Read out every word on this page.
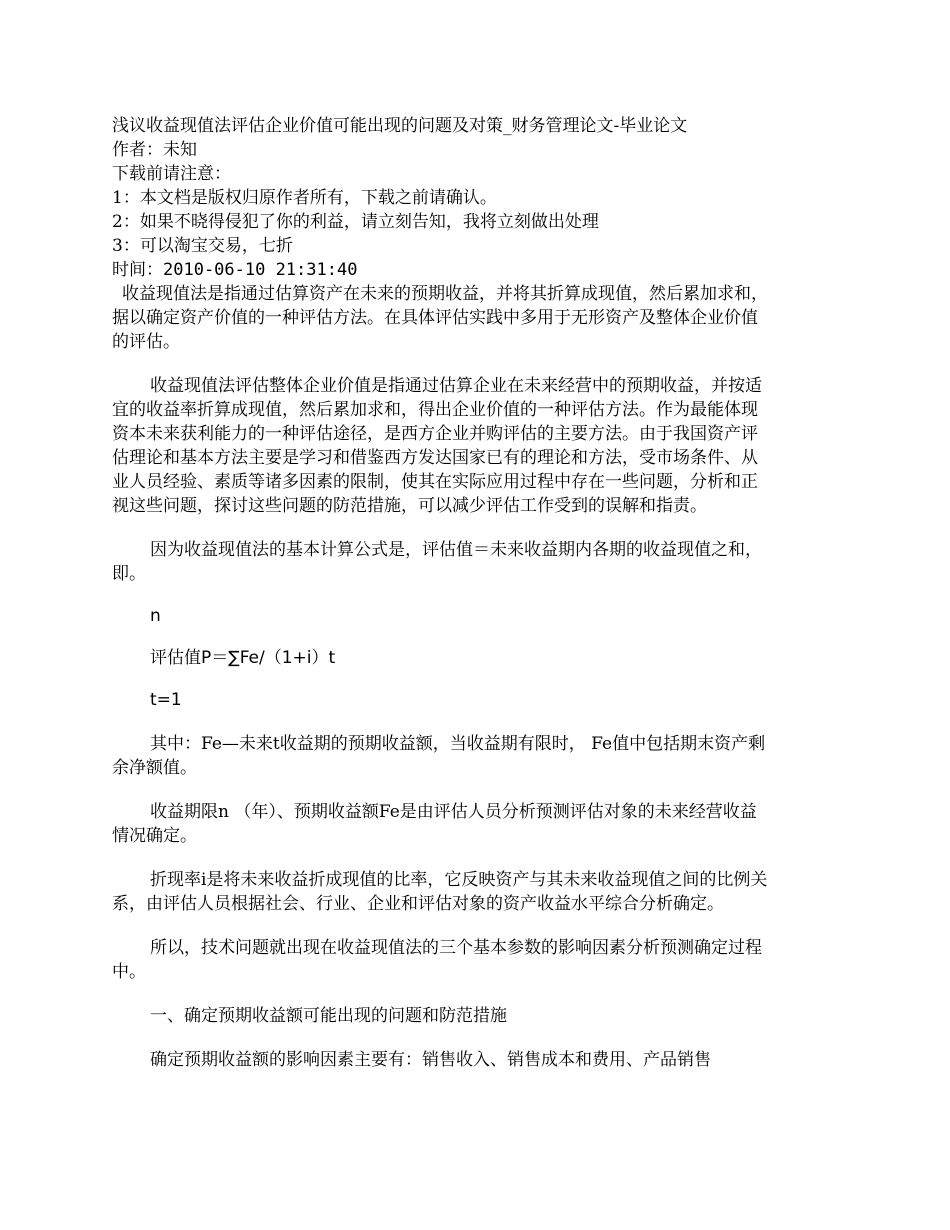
浅议收益现值法评估企业价值可能出现的问题及对策_财务管理论文-毕业论文

作者：未知

下载前请注意：

1：本文档是版权归原作者所有，下载之前请确认。

2：如果不晓得侵犯了你的利益，请立刻告知，我将立刻做出处理

3：可以淘宝交易，七折

时间：2010-06-10 21:31:40

收益现值法是指通过估算资产在未来的预期收益，并将其折算成现值，然后累加求和，据以确定资产价值的一种评估方法。在具体评估实践中多用于无形资产及整体企业价值的评估。

收益现值法评估整体企业价值是指通过估算企业在未来经营中的预期收益，并按适宜的收益率折算成现值，然后累加求和，得出企业价值的一种评估方法。作为最能体现资本未来获利能力的一种评估途径，是西方企业并购评估的主要方法。由于我国资产评估理论和基本方法主要是学习和借鉴西方发达国家已有的理论和方法，受市场条件、从业人员经验、素质等诸多因素的限制，使其在实际应用过程中存在一些问题，分析和正视这些问题，探讨这些问题的防范措施，可以减少评估工作受到的误解和指责。

因为收益现值法的基本计算公式是，评估值＝未来收益期内各期的收益现值之和，即。

n

评估值P＝∑Fe/（1+i）t

t=1

其中：Fe—未来t收益期的预期收益额，当收益期有限时， Fe值中包括期末资产剩余净额值。

收益期限n （年）、预期收益额Fe是由评估人员分析预测评估对象的未来经营收益情况确定。

折现率i是将未来收益折成现值的比率，它反映资产与其未来收益现值之间的比例关系，由评估人员根据社会、行业、企业和评估对象的资产收益水平综合分析确定。

所以，技术问题就出现在收益现值法的三个基本参数的影响因素分析预测确定过程中。

一、确定预期收益额可能出现的问题和防范措施

确定预期收益额的影响因素主要有：销售收入、销售成本和费用、产品销售
